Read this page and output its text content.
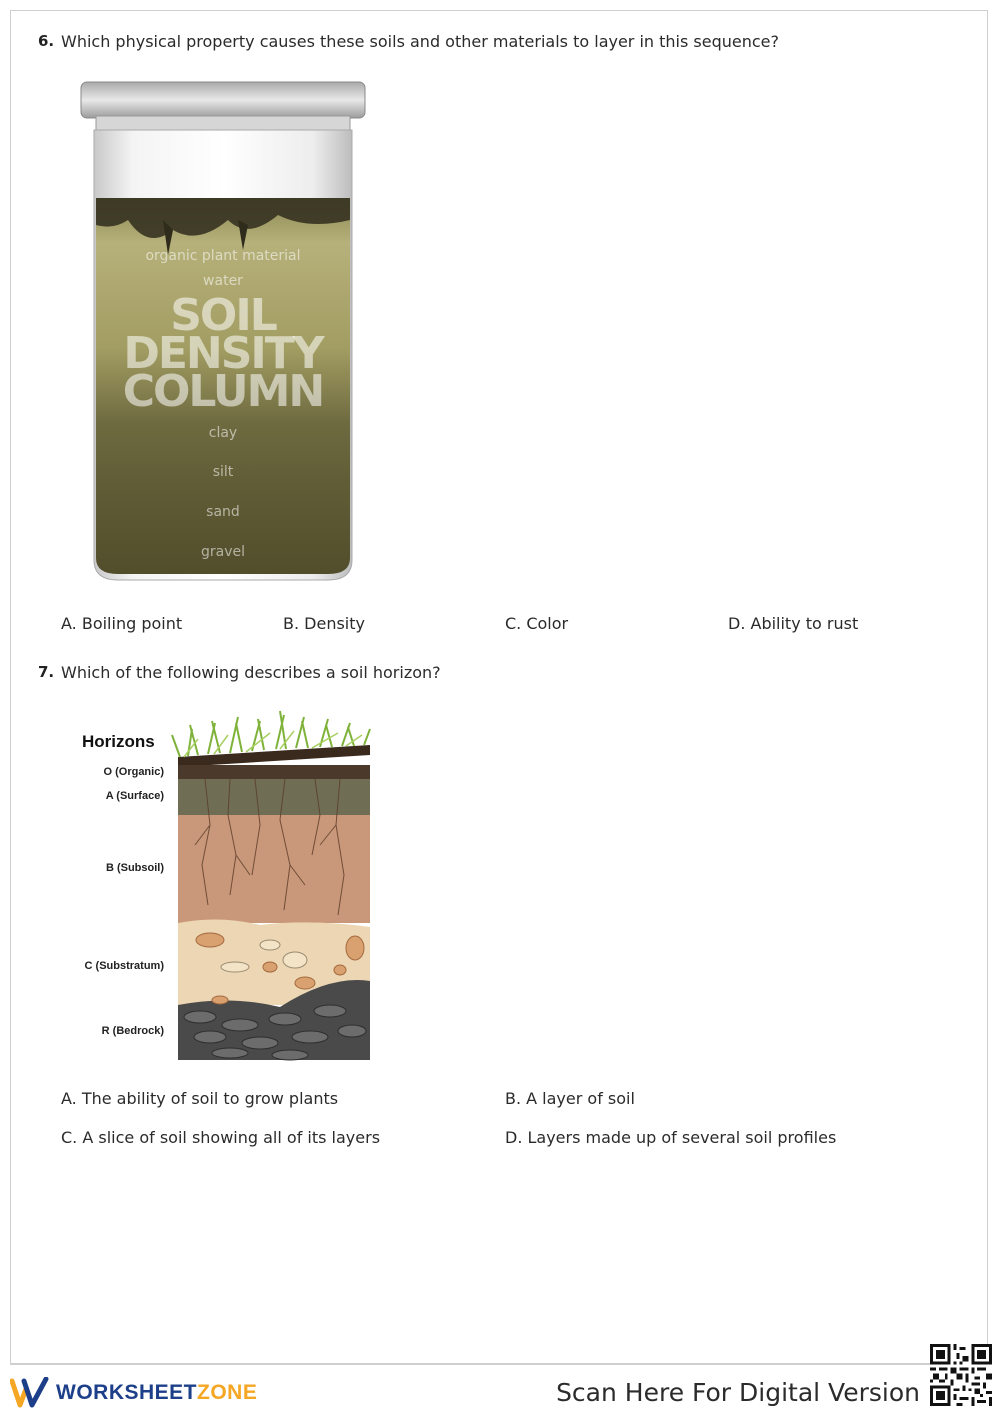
6. Which physical property causes these soils and other materials to layer in this sequence?
organic plant material
water
SOIL
DENSITY
COLUMN
clay
silt
sand
gravel
A. Boiling point	B. Density	C. Color	D. Ability to rust
7. Which of the following describes a soil horizon?
Horizons
O (Organic)
A (Surface)
B (Subsoil)
C (Substratum)
R (Bedrock)
A. The ability of soil to grow plants	B. A layer of soil
C. A slice of soil showing all of its layers	D. Layers made up of several soil profiles
WORKSHEETZONE	Scan Here For Digital Version
